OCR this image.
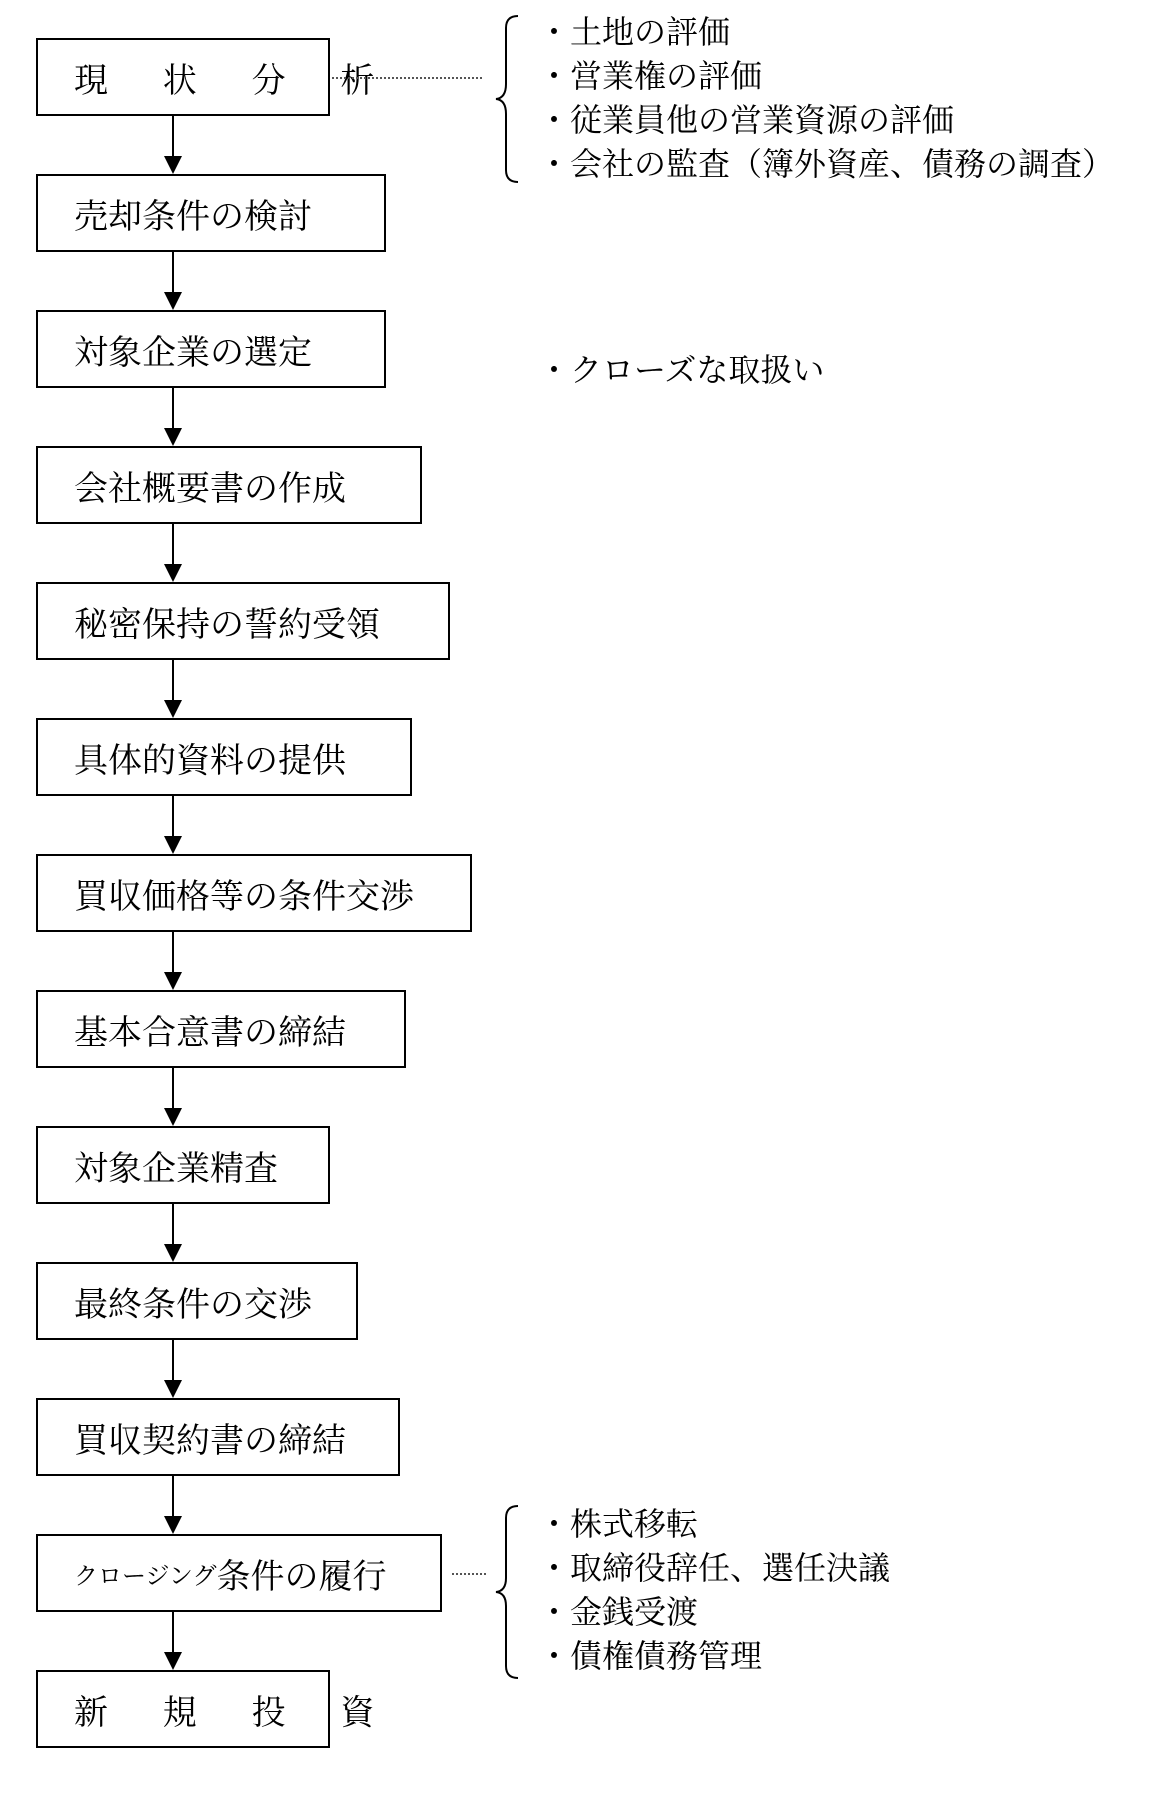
現 状 分 析
売却条件の検討
対象企業の選定
会社概要書の作成
秘密保持の誓約受領
具体的資料の提供
買収価格等の条件交渉
基本合意書の締結
対象企業精査
最終条件の交渉
買収契約書の締結
クロージング 条件の履行
新 規 投 資
・土地の評価
・営業権の評価
・従業員他の営業資源の評価
・会社の監査（簿外資産、債務の調査）
・クローズな取扱い
・株式移転
・取締役辞任、選任決議
・金銭受渡
・債権債務管理
